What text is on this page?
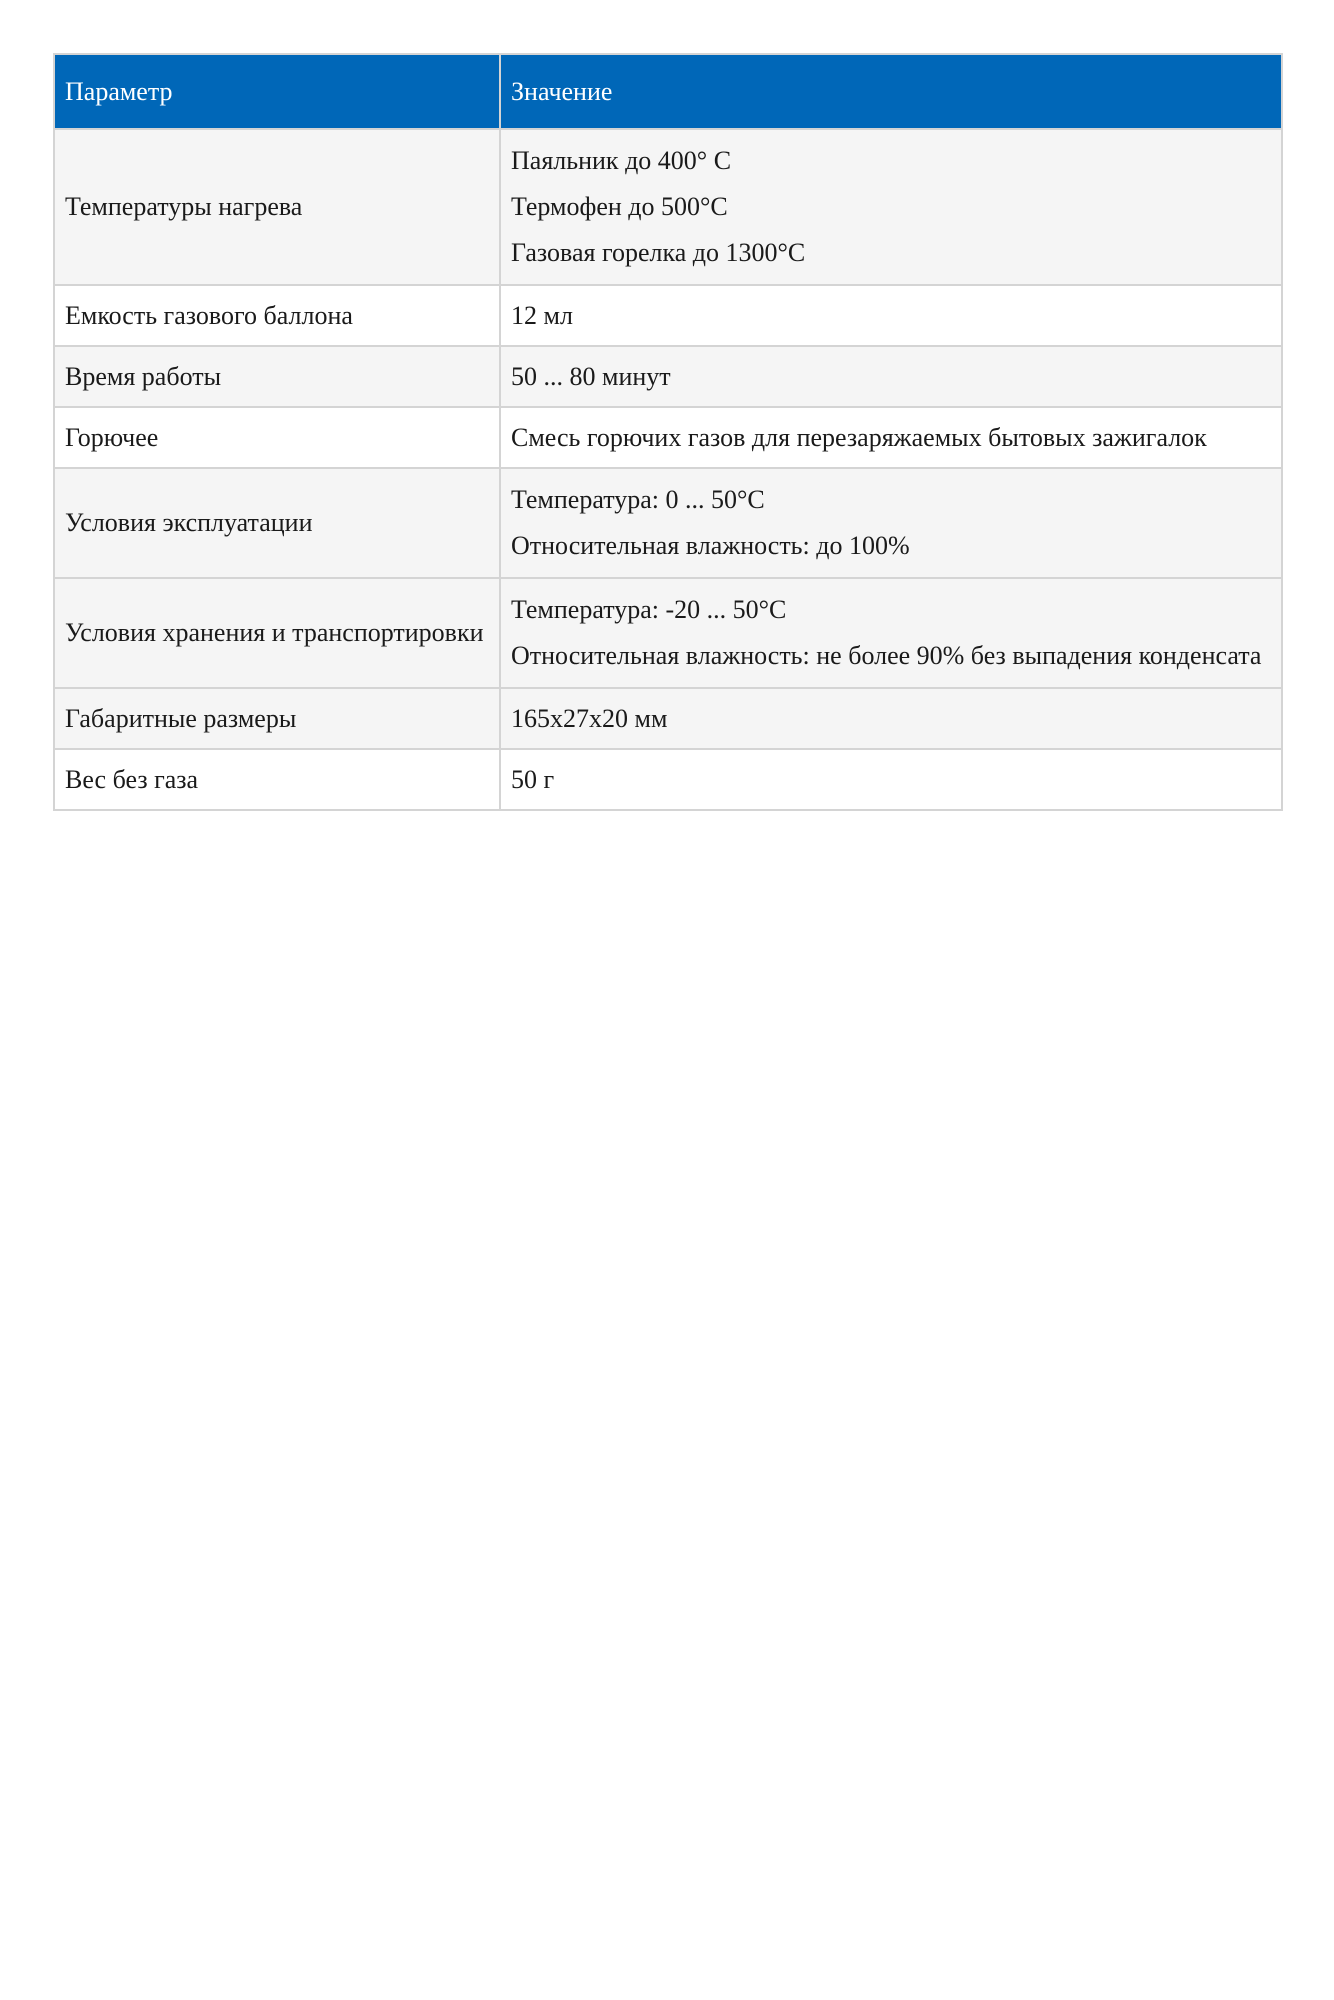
Параметр	Значение

Температуры нагрева	Паяльник до 400° C

Термофен до 500°С

Газовая горелка до 1300°С

Емкость газового баллона	12 мл

Время работы	50 ... 80 минут

Горючее	Смесь горючих газов для перезаряжаемых бытовых зажигалок

Условия эксплуатации	Температура: 0 ... 50°С

Относительная влажность: до 100%

Условия хранения и транспортировки	Температура: -20 ... 50°С

Относительная влажность: не более 90% без выпадения конденсата

Габаритные размеры	165х27х20 мм

Вес без газа	50 г
